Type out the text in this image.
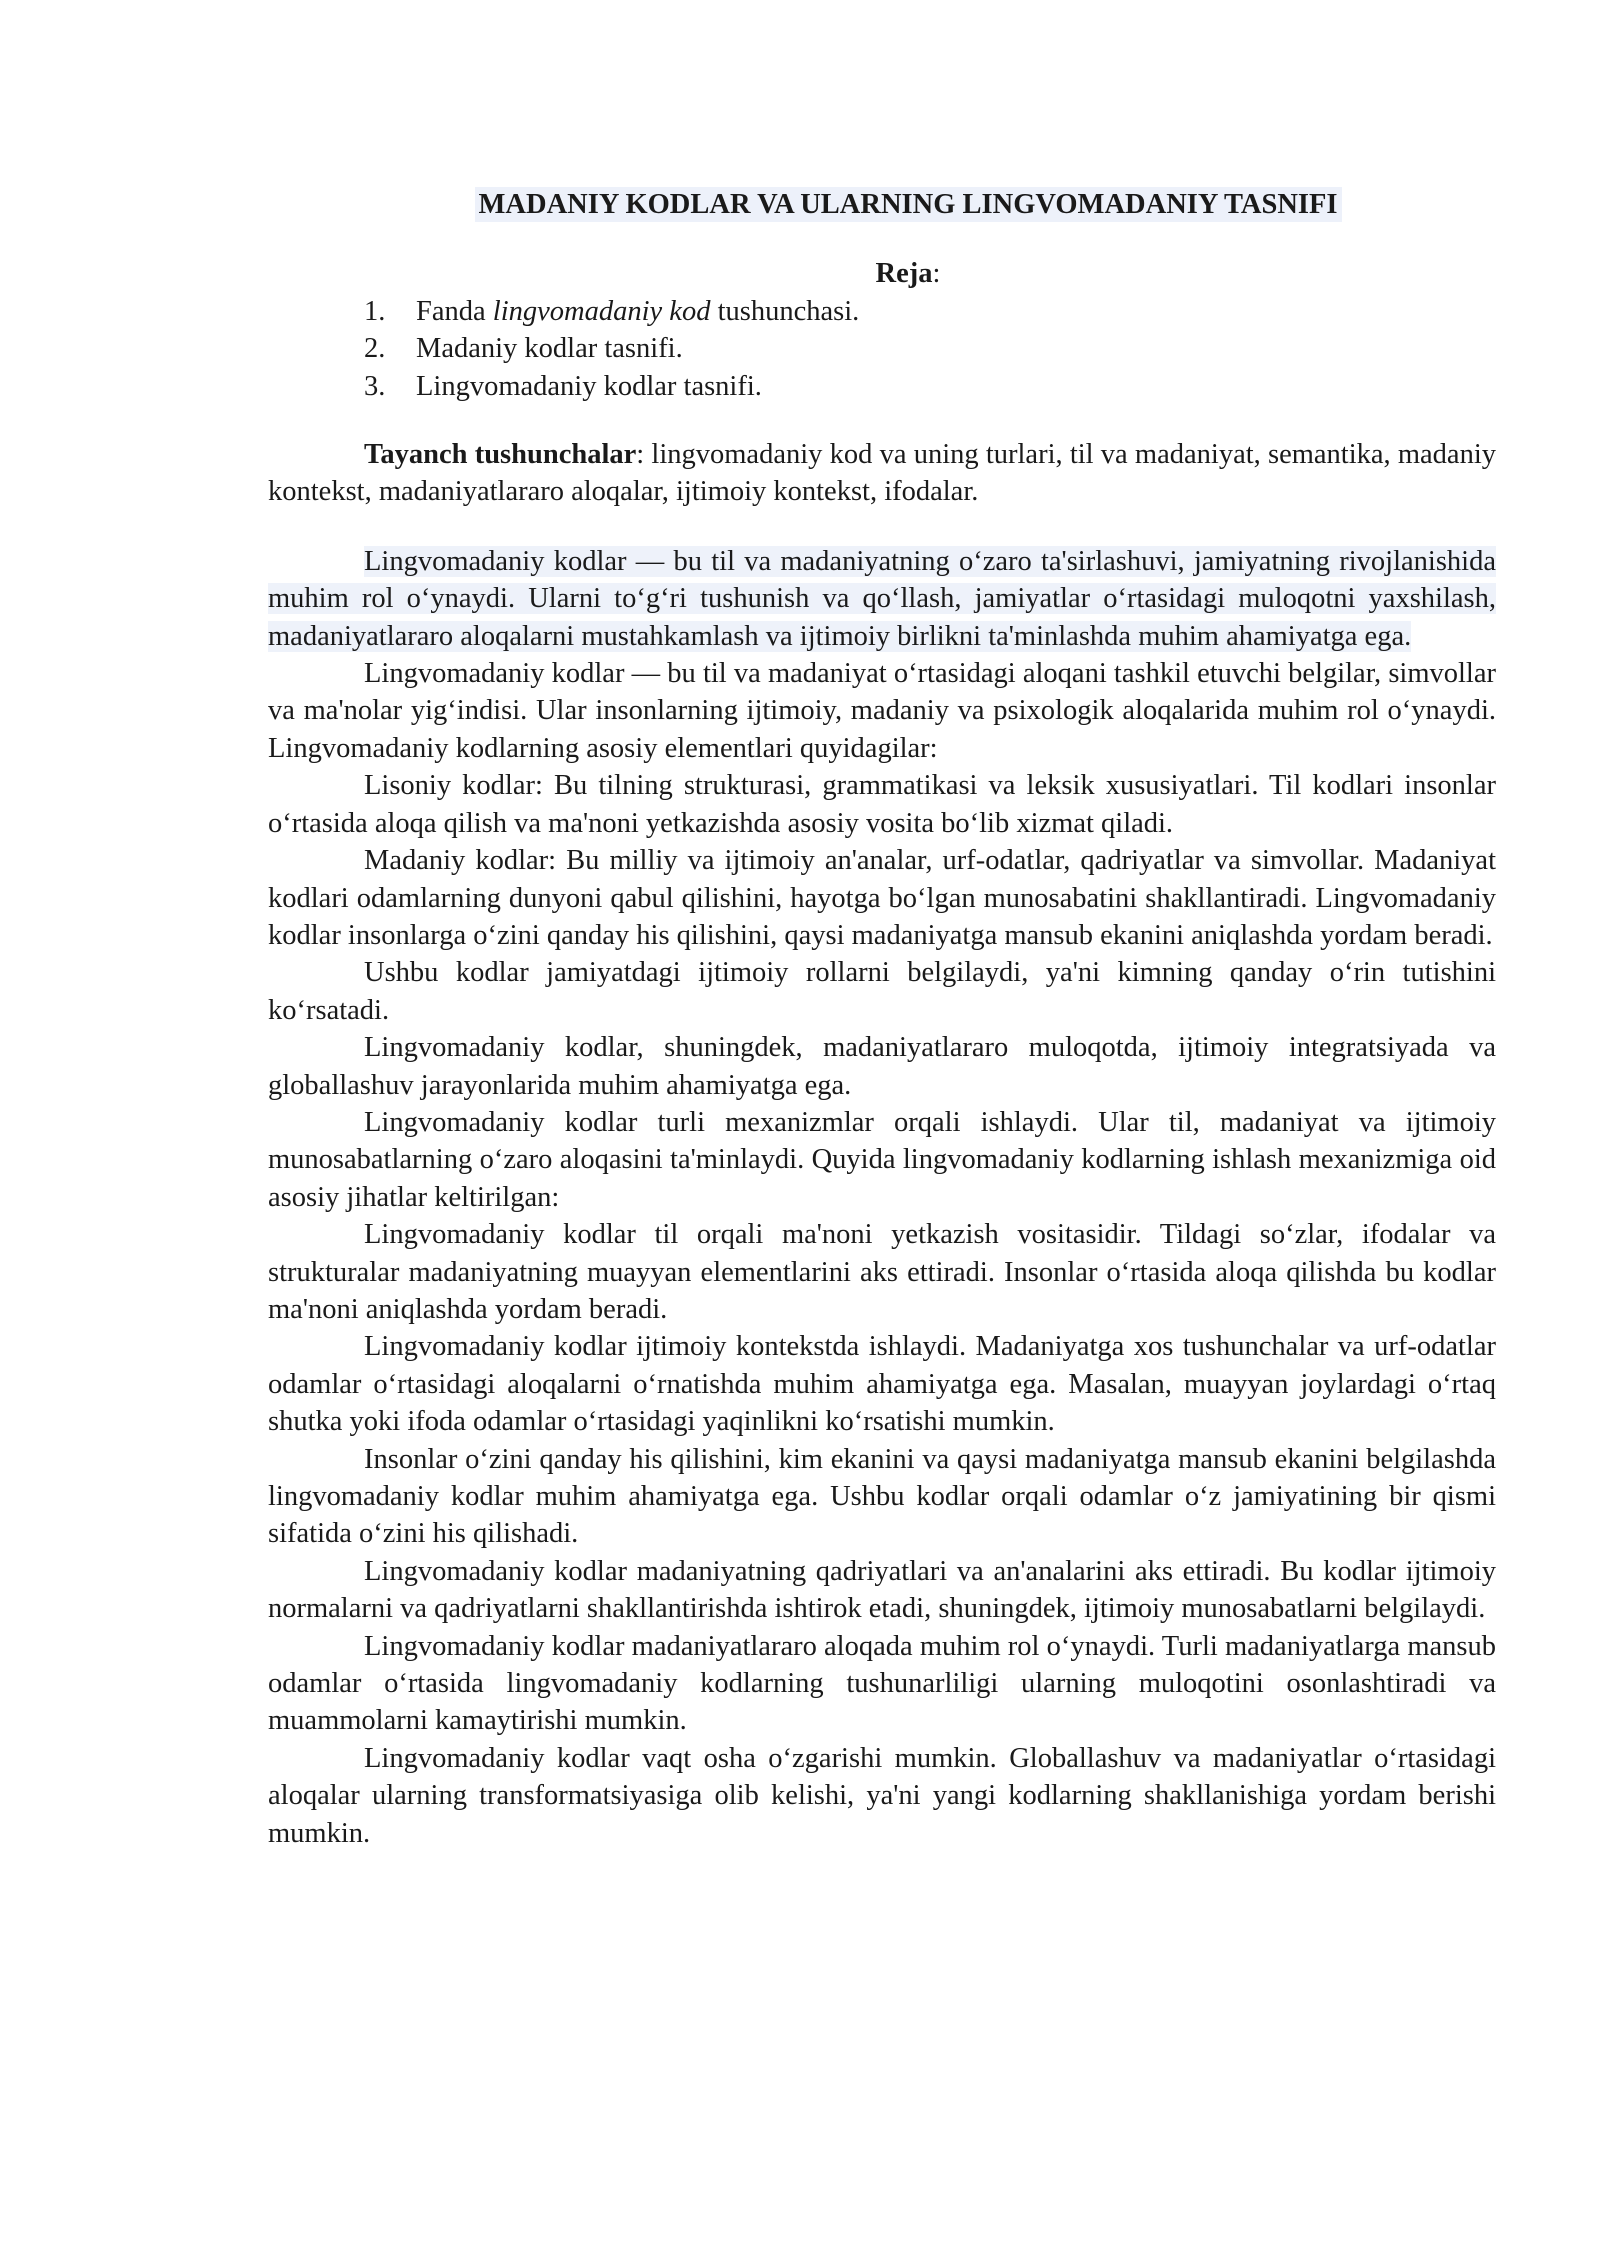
MADANIY KODLAR VA ULARNING LINGVOMADANIY TASNIFI

Reja:

1.	Fanda lingvomadaniy kod tushunchasi.
2.	Madaniy kodlar tasnifi.
3.	Lingvomadaniy kodlar tasnifi.

Tayanch tushunchalar: lingvomadaniy kod va uning turlari, til va madaniyat, semantika, madaniy kontekst, madaniyatlararo aloqalar, ijtimoiy kontekst, ifodalar.

Lingvomadaniy kodlar — bu til va madaniyatning o‘zaro ta'sirlashuvi, jamiyatning rivojlanishida muhim rol o‘ynaydi. Ularni to‘g‘ri tushunish va qo‘llash, jamiyatlar o‘rtasidagi muloqotni yaxshilash, madaniyatlararo aloqalarni mustahkamlash va ijtimoiy birlikni ta'minlashda muhim ahamiyatga ega.

Lingvomadaniy kodlar — bu til va madaniyat o‘rtasidagi aloqani tashkil etuvchi belgilar, simvollar va ma'nolar yig‘indisi. Ular insonlarning ijtimoiy, madaniy va psixologik aloqalarida muhim rol o‘ynaydi. Lingvomadaniy kodlarning asosiy elementlari quyidagilar:

Lisoniy kodlar: Bu tilning strukturasi, grammatikasi va leksik xususiyatlari. Til kodlari insonlar o‘rtasida aloqa qilish va ma'noni yetkazishda asosiy vosita bo‘lib xizmat qiladi.

Madaniy kodlar: Bu milliy va ijtimoiy an'analar, urf-odatlar, qadriyatlar va simvollar. Madaniyat kodlari odamlarning dunyoni qabul qilishini, hayotga bo‘lgan munosabatini shakllantiradi. Lingvomadaniy kodlar insonlarga o‘zini qanday his qilishini, qaysi madaniyatga mansub ekanini aniqlashda yordam beradi.

Ushbu kodlar jamiyatdagi ijtimoiy rollarni belgilaydi, ya'ni kimning qanday o‘rin tutishini ko‘rsatadi.

Lingvomadaniy kodlar, shuningdek, madaniyatlararo muloqotda, ijtimoiy integratsiyada va globallashuv jarayonlarida muhim ahamiyatga ega.

Lingvomadaniy kodlar turli mexanizmlar orqali ishlaydi. Ular til, madaniyat va ijtimoiy munosabatlarning o‘zaro aloqasini ta'minlaydi. Quyida lingvomadaniy kodlarning ishlash mexanizmiga oid asosiy jihatlar keltirilgan:

Lingvomadaniy kodlar til orqali ma'noni yetkazish vositasidir. Tildagi so‘zlar, ifodalar va strukturalar madaniyatning muayyan elementlarini aks ettiradi. Insonlar o‘rtasida aloqa qilishda bu kodlar ma'noni aniqlashda yordam beradi.

Lingvomadaniy kodlar ijtimoiy kontekstda ishlaydi. Madaniyatga xos tushunchalar va urf-odatlar odamlar o‘rtasidagi aloqalarni o‘rnatishda muhim ahamiyatga ega. Masalan, muayyan joylardagi o‘rtaq shutka yoki ifoda odamlar o‘rtasidagi yaqinlikni ko‘rsatishi mumkin.

Insonlar o‘zini qanday his qilishini, kim ekanini va qaysi madaniyatga mansub ekanini belgilashda lingvomadaniy kodlar muhim ahamiyatga ega. Ushbu kodlar orqali odamlar o‘z jamiyatining bir qismi sifatida o‘zini his qilishadi.

Lingvomadaniy kodlar madaniyatning qadriyatlari va an'analarini aks ettiradi. Bu kodlar ijtimoiy normalarni va qadriyatlarni shakllantirishda ishtirok etadi, shuningdek, ijtimoiy munosabatlarni belgilaydi.

Lingvomadaniy kodlar madaniyatlararo aloqada muhim rol o‘ynaydi. Turli madaniyatlarga mansub odamlar o‘rtasida lingvomadaniy kodlarning tushunarliligi ularning muloqotini osonlashtiradi va muammolarni kamaytirishi mumkin.

Lingvomadaniy kodlar vaqt osha o‘zgarishi mumkin. Globallashuv va madaniyatlar o‘rtasidagi aloqalar ularning transformatsiyasiga olib kelishi, ya'ni yangi kodlarning shakllanishiga yordam berishi mumkin.
